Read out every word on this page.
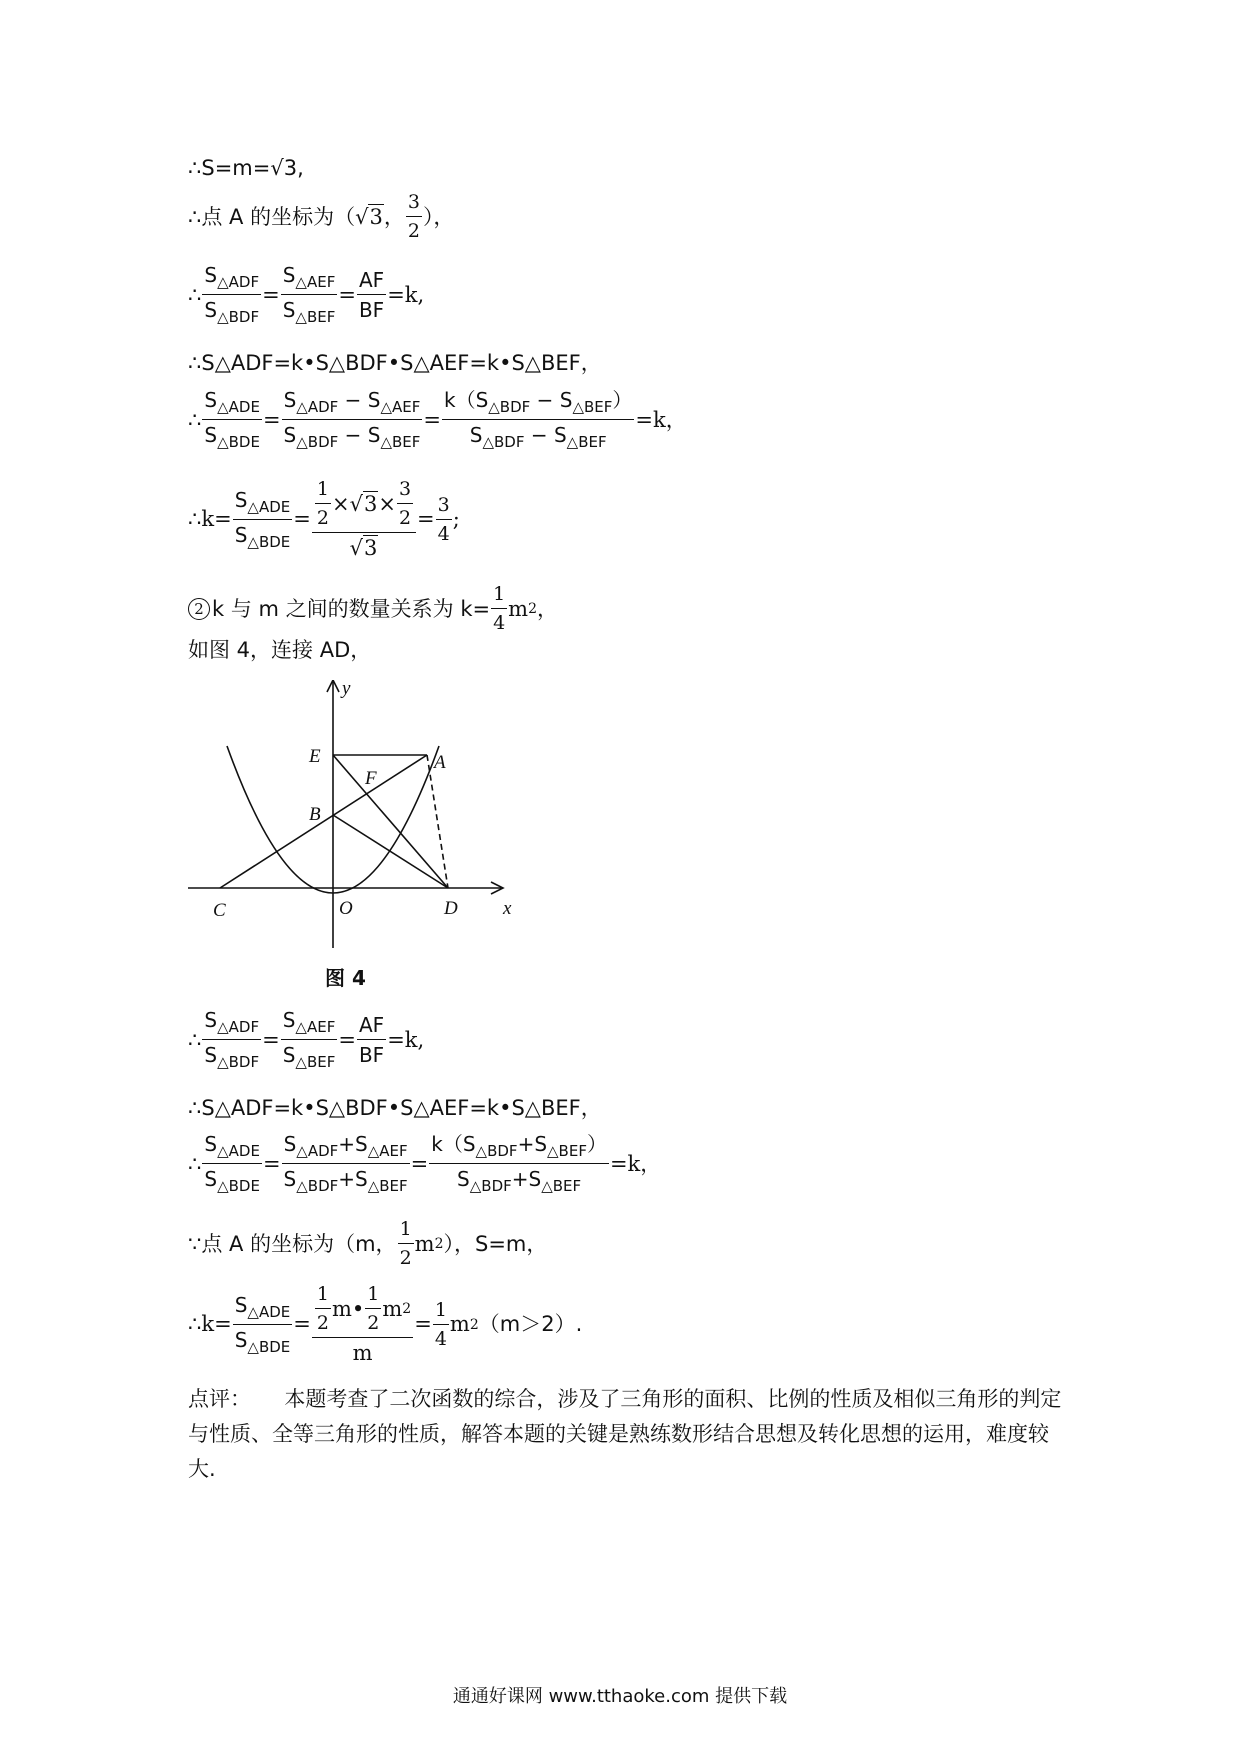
∴S=m=√3,
∴点 A 的坐标为（ √3 ， $\frac{3}{2}$ ），
∴ $\frac{S_{\triangle ADF}}{S_{\triangle BDF}} = \frac{S_{\triangle AEF}}{S_{\triangle BEF}} = \frac{AF}{BF} =k$,
∴S△ADF=k•S△BDF•S△AEF=k•S△BEF，
∴ $\frac{S_{\triangle ADE}}{S_{\triangle BDE}} = \frac{S_{\triangle ADF} - S_{\triangle AEF}}{S_{\triangle BDF} - S_{\triangle BEF}} = \frac{k(S_{\triangle BDF} - S_{\triangle BEF})}{S_{\triangle BDF} - S_{\triangle BEF}} =k$，
∴ $k= \frac{S_{\triangle ADE}}{S_{\triangle BDE}} = \frac{\frac{1}{2} \times √3 \times \frac{3}{2}}{√3} = \frac{3}{4}$ ;
2 k 与 m 之间的数量关系为 $k= \frac{1}{4}$ m 2 ，
如图 4，连接 AD，
y
x
E	A
F
B
C	O	D
图 4
∴ $\frac{S_{\triangle ADF}}{S_{\triangle BDF}} = \frac{S_{\triangle AEF}}{S_{\triangle BEF}} = \frac{AF}{BF} =k$,
∴S△ADF=k•S△BDF•S△AEF=k•S△BEF，
∴ $\frac{S_{\triangle ADE}}{S_{\triangle BDE}} = \frac{S_{\triangle ADF}+S_{\triangle AEF}}{S_{\triangle BDF}+S_{\triangle BEF}} = \frac{k(S_{\triangle BDF}+S_{\triangle BEF})}{S_{\triangle BDF}+S_{\triangle BEF}} =k$，
∵ 点 A 的坐标为（m， $\frac{1}{2}$ m 2 ），S=m，
∴ $k= \frac{S_{\triangle ADE}}{S_{\triangle BDE}} = \frac{\frac{1}{2} m• \frac{1}{2} m 2}{m} = \frac{1}{4}$ m 2 （m＞2）.
点评： 本题考查了二次函数的综合，涉及了三角形的面积、比例的性质及相似三角形的判定与性质、全等三角形的性质，解答本题的关键是熟练数形结合思想及转化思想的运用，难度较大.
通通好课网 www.tthaoke.com 提供下载
